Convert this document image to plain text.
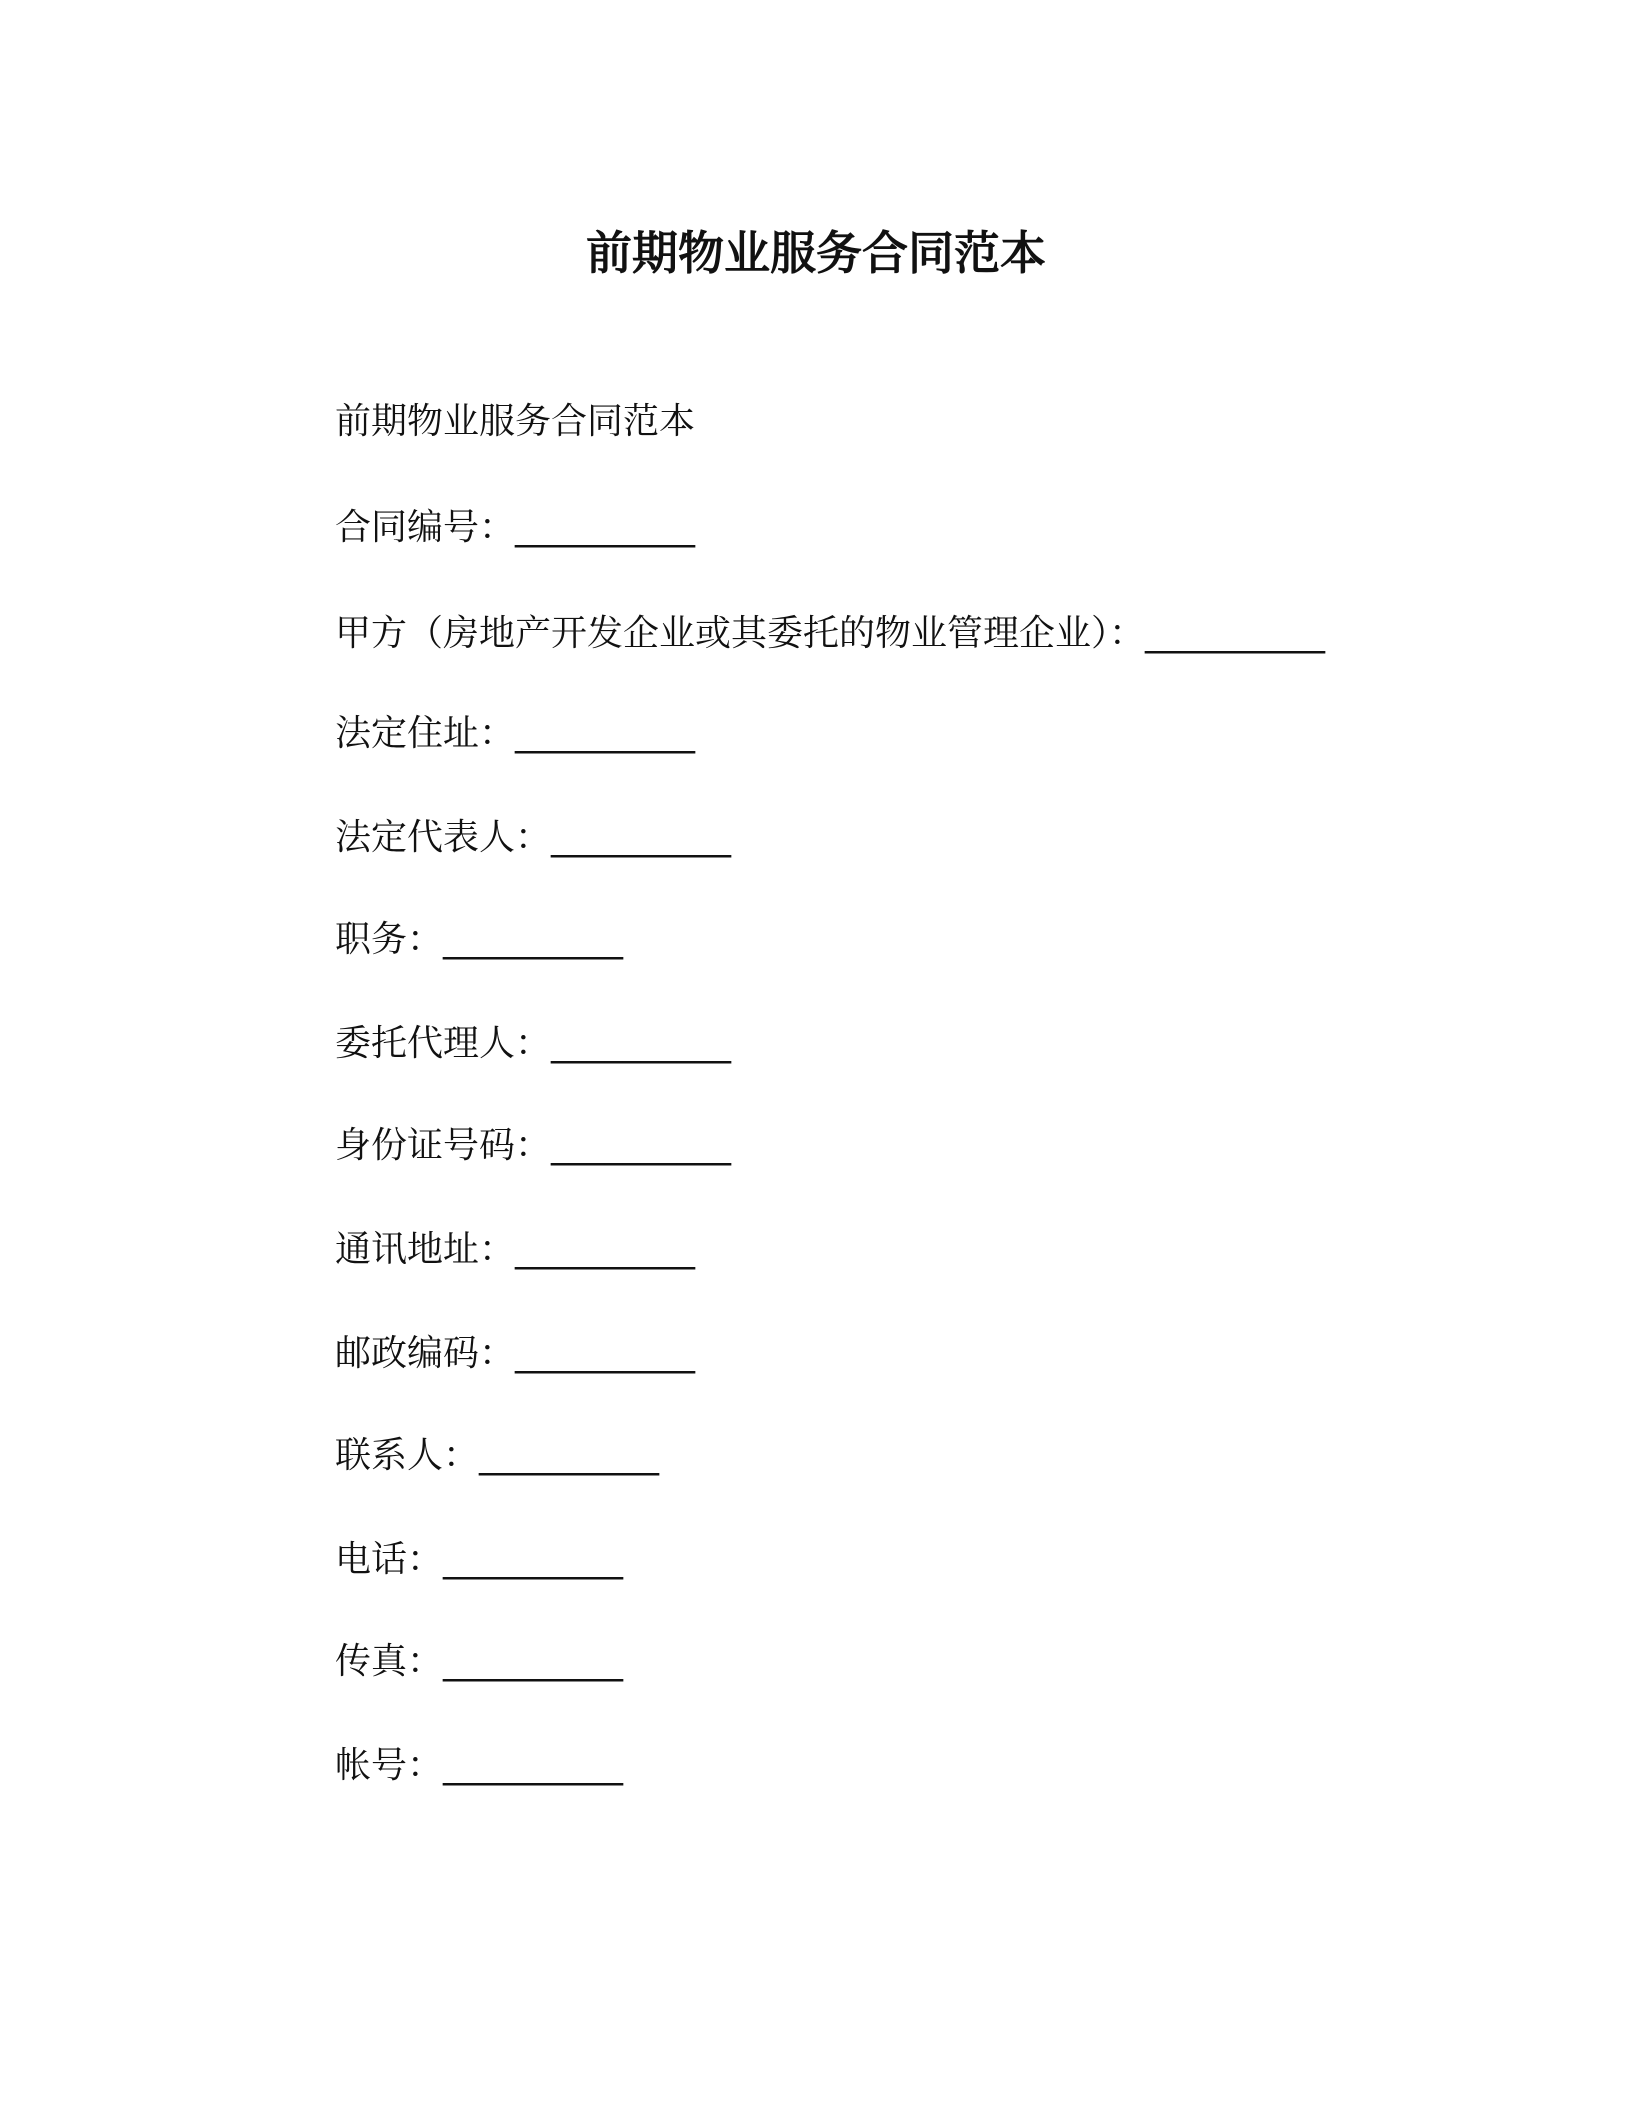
前期物业服务合同范本
前期物业服务合同范本
合同编号：__________
甲方（房地产开发企业或其委托的物业管理企业）：__________
法定住址：__________
法定代表人：__________
职务：__________
委托代理人：__________
身份证号码：__________
通讯地址：__________
邮政编码：__________
联系人：__________
电话：__________
传真：__________
帐号：__________
